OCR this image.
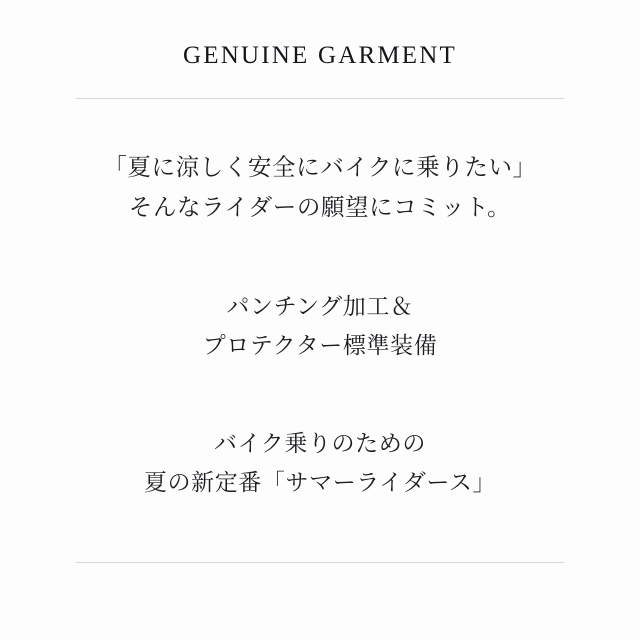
GENUINE GARMENT
「夏に涼しく安全にバイクに乗りたい」
そんなライダーの願望にコミット。
パンチング加工＆
プロテクター標準装備
バイク乗りのための
夏の新定番「サマーライダース」
